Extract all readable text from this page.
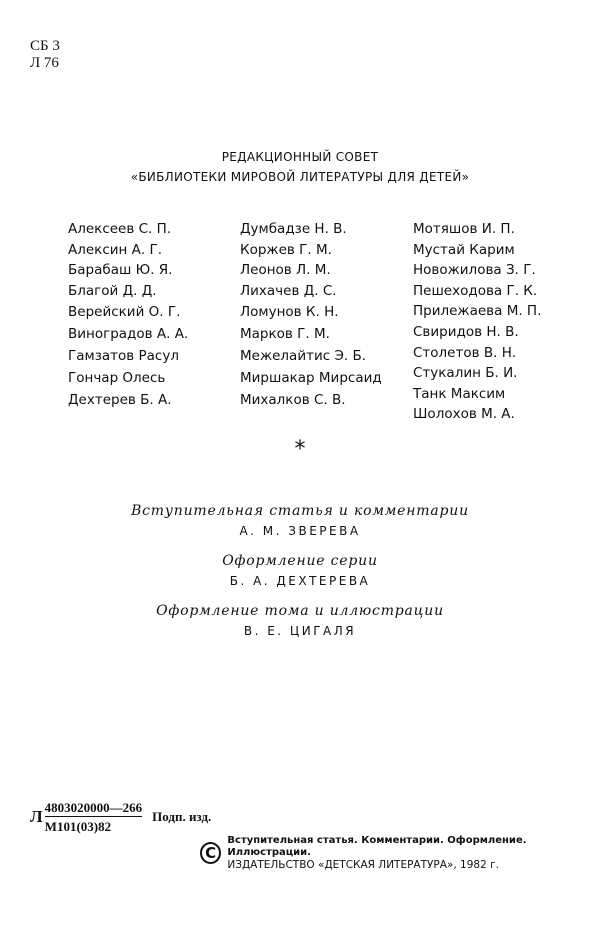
СБ 3
Л 76
РЕДАКЦИОННЫЙ СОВЕТ
«БИБЛИОТЕКИ МИРОВОЙ ЛИТЕРАТУРЫ ДЛЯ ДЕТЕЙ»
Алексеев С. П.
Алексин А. Г.
Барабаш Ю. Я.
Благой Д. Д.
Верейский О. Г.
Виноградов А. А.
Гамзатов Расул
Гончар Олесь
Дехтерев Б. А.
Думбадзе Н. В.
Коржев Г. М.
Леонов Л. М.
Лихачев Д. С.
Ломунов К. Н.
Марков Г. М.
Межелайтис Э. Б.
Миршакар Мирсаид
Михалков С. В.
Мотяшов И. П.
Мустай Карим
Новожилова З. Г.
Пешеходова Г. К.
Прилежаева М. П.
Свиридов Н. В.
Столетов В. Н.
Стукалин Б. И.
Танк Максим
Шолохов М. А.
*
Вступительная статья и комментарии
А. М. ЗВЕРЕВА
Оформление серии
Б. А. ДЕХТЕРЕВА
Оформление тома и иллюстрации
В. Е. ЦИГАЛЯ
Л $\frac{4803020000—266}{М101(03)82}$ Подп. изд.
C
Вступительная статья. Комментарии. Оформление. Иллюстрации.
ИЗДАТЕЛЬСТВО «ДЕТСКАЯ ЛИТЕРАТУРА», 1982 г.
